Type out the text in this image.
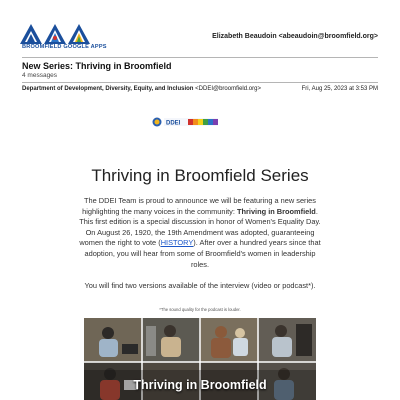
BROOMFIELD GOOGLE APPS
Elizabeth Beaudoin <abeaudoin@broomfield.org>
New Series: Thriving in Broomfield
4 messages
Department of Development, Diversity, Equity, and Inclusion <DDEI@broomfield.org>	Fri, Aug 25, 2023 at 3:53 PM
DDEI
Thriving in Broomfield Series

The DDEI Team is proud to announce we will be featuring a new series highlighting the many voices in the community: Thriving in Broomfield. This first edition is a special discussion in honor of Women's Equality Day. On August 26, 1920, the 19th Amendment was adopted, guaranteeing women the right to vote (HISTORY). After over a hundred years since that adoption, you will hear from some of Broomfield's women in leadership roles.

You will find two versions available of the interview (video or podcast*).

*The sound quality for the podcast is louder.
Thriving in Broomfield
